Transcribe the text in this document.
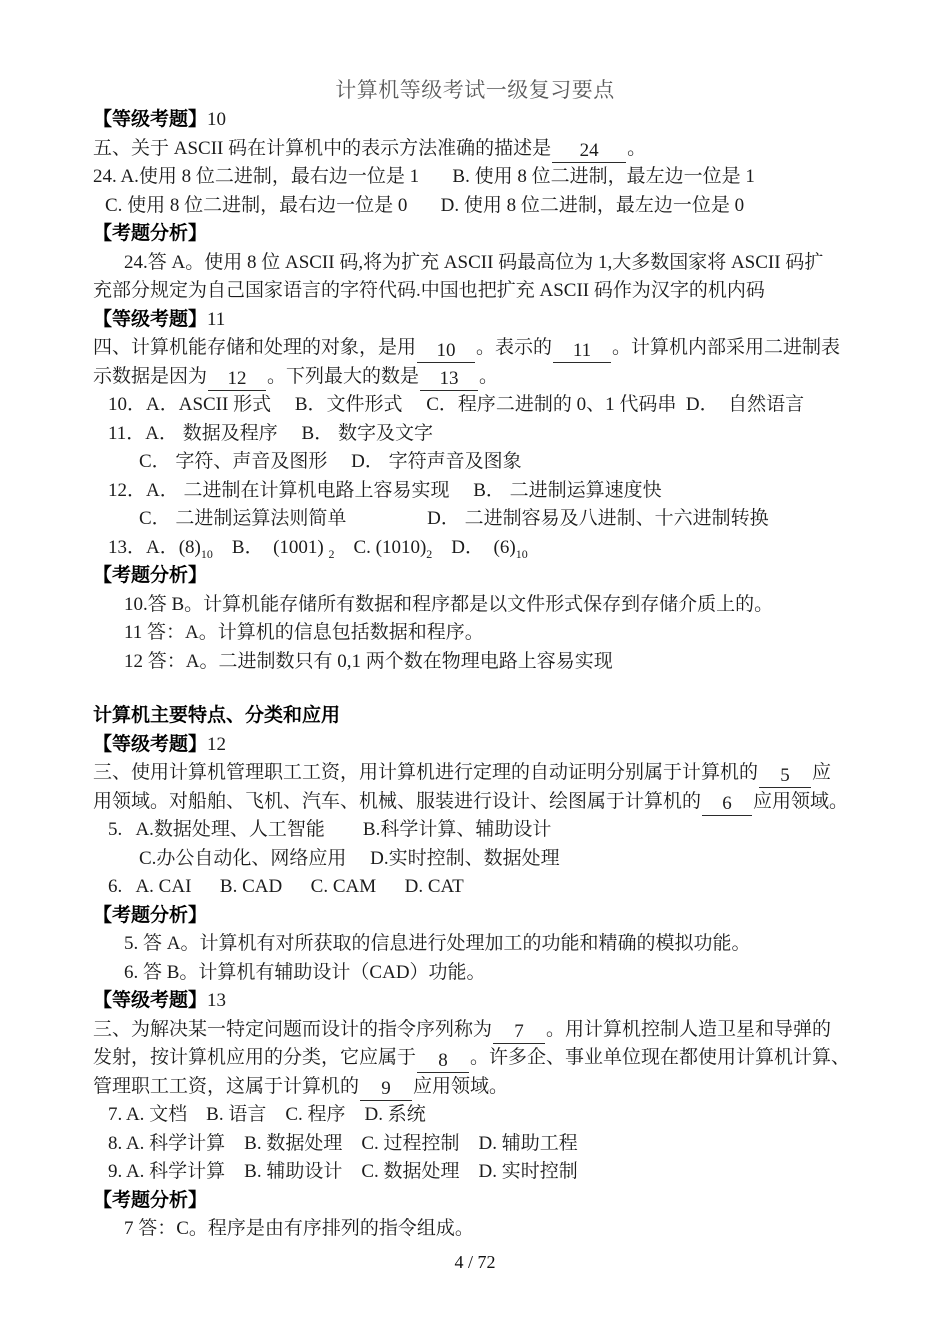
计算机等级考试一级复习要点
【等级考题】10
五、关于 ASCII 码在计算机中的表示方法准确的描述是 24 。
24. A.使用 8 位二进制，最右边一位是 1       B. 使用 8 位二进制，最左边一位是 1
C. 使用 8 位二进制，最右边一位是 0       D. 使用 8 位二进制，最左边一位是 0
【考题分析】
24.答 A。使用 8 位 ASCII 码,将为扩充 ASCII 码最高位为 1,大多数国家将 ASCII 码扩
充部分规定为自己国家语言的字符代码.中国也把扩充 ASCII 码作为汉字的机内码
【等级考题】11
四、计算机能存储和处理的对象，是用 10 。表示的 11 。计算机内部采用二进制表
示数据是因为 12 。下列最大的数是 13 。
10．A．ASCII 形式     B．文件形式     C．程序二进制的 0、1 代码串  D．  自然语言
11．A． 数据及程序     B． 数字及文字
C． 字符、声音及图形     D． 字符声音及图象
12．A． 二进制在计算机电路上容易实现     B． 二进制运算速度快
C． 二进制运算法则简单                 D． 二进制容易及八进制、十六进制转换
13．A．$(8)_{10}$    B．  (1001) $_2$    C. $(1010)_2$    D．  $(6)_{10}$
【考题分析】
10.答 B。计算机能存储所有数据和程序都是以文件形式保存到存储介质上的。
11 答：A。计算机的信息包括数据和程序。
12 答：A。二进制数只有 0,1 两个数在物理电路上容易实现
计算机主要特点、分类和应用
【等级考题】12
三、使用计算机管理职工工资，用计算机进行定理的自动证明分别属于计算机的 5 应
用领域。对船舶、飞机、汽车、机械、服装进行设计、绘图属于计算机的 6 应用领域。
5.   A.数据处理、人工智能        B.科学计算、辅助设计
C.办公自动化、网络应用     D.实时控制、数据处理
6.   A. CAI      B. CAD      C. CAM      D. CAT
【考题分析】
5. 答 A。计算机有对所获取的信息进行处理加工的功能和精确的模拟功能。
6. 答 B。计算机有辅助设计（CAD）功能。
【等级考题】13
三、为解决某一特定问题而设计的指令序列称为 7 。用计算机控制人造卫星和导弹的
发射，按计算机应用的分类，它应属于 8 。许多企、事业单位现在都使用计算机计算、
管理职工工资，这属于计算机的 9 应用领域。
7. A. 文档    B. 语言    C. 程序    D. 系统
8. A. 科学计算    B. 数据处理    C. 过程控制    D. 辅助工程
9. A. 科学计算    B. 辅助设计    C. 数据处理    D. 实时控制
【考题分析】
7 答：C。程序是由有序排列的指令组成。
4 / 72
